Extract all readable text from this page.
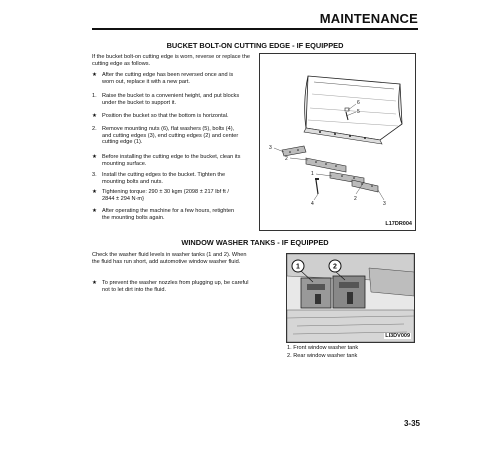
MAINTENANCE
BUCKET BOLT-ON CUTTING EDGE - IF EQUIPPED
If the bucket bolt-on cutting edge is worn, reverse or replace the cutting edge as follows.
★ After the cutting edge has been reversed once and is worn out, replace it with a new part.
1. Raise the bucket to a convenient height, and put blocks under the bucket to support it.
★ Position the bucket so that the bottom is horizontal.
2. Remove mounting nuts (6), flat washers (5), bolts (4), and cutting edges (3), end cutting edges (2) and center cutting edge (1).
★ Before installing the cutting edge to the bucket, clean its mounting surface.
3. Install the cutting edges to the bucket. Tighten the mounting bolts and nuts.
★ Tightening torque: 290 ± 30 kgm {2098 ± 217 lbf ft / 2844 ± 294 N·m}
★ After operating the machine for a few hours, retighten the mounting bolts again.
6
5
3
2
1
4
2
3
L17DR004
WINDOW WASHER TANKS - IF EQUIPPED
Check the washer fluid levels in washer tanks (1 and 2). When the fluid has run short, add automotive window washer fluid.
★ To prevent the washer nozzles from plugging up, be careful not to let dirt into the fluid.
1	2
LI3DV009
1. Front window washer tank
2. Rear window washer tank
3-35
